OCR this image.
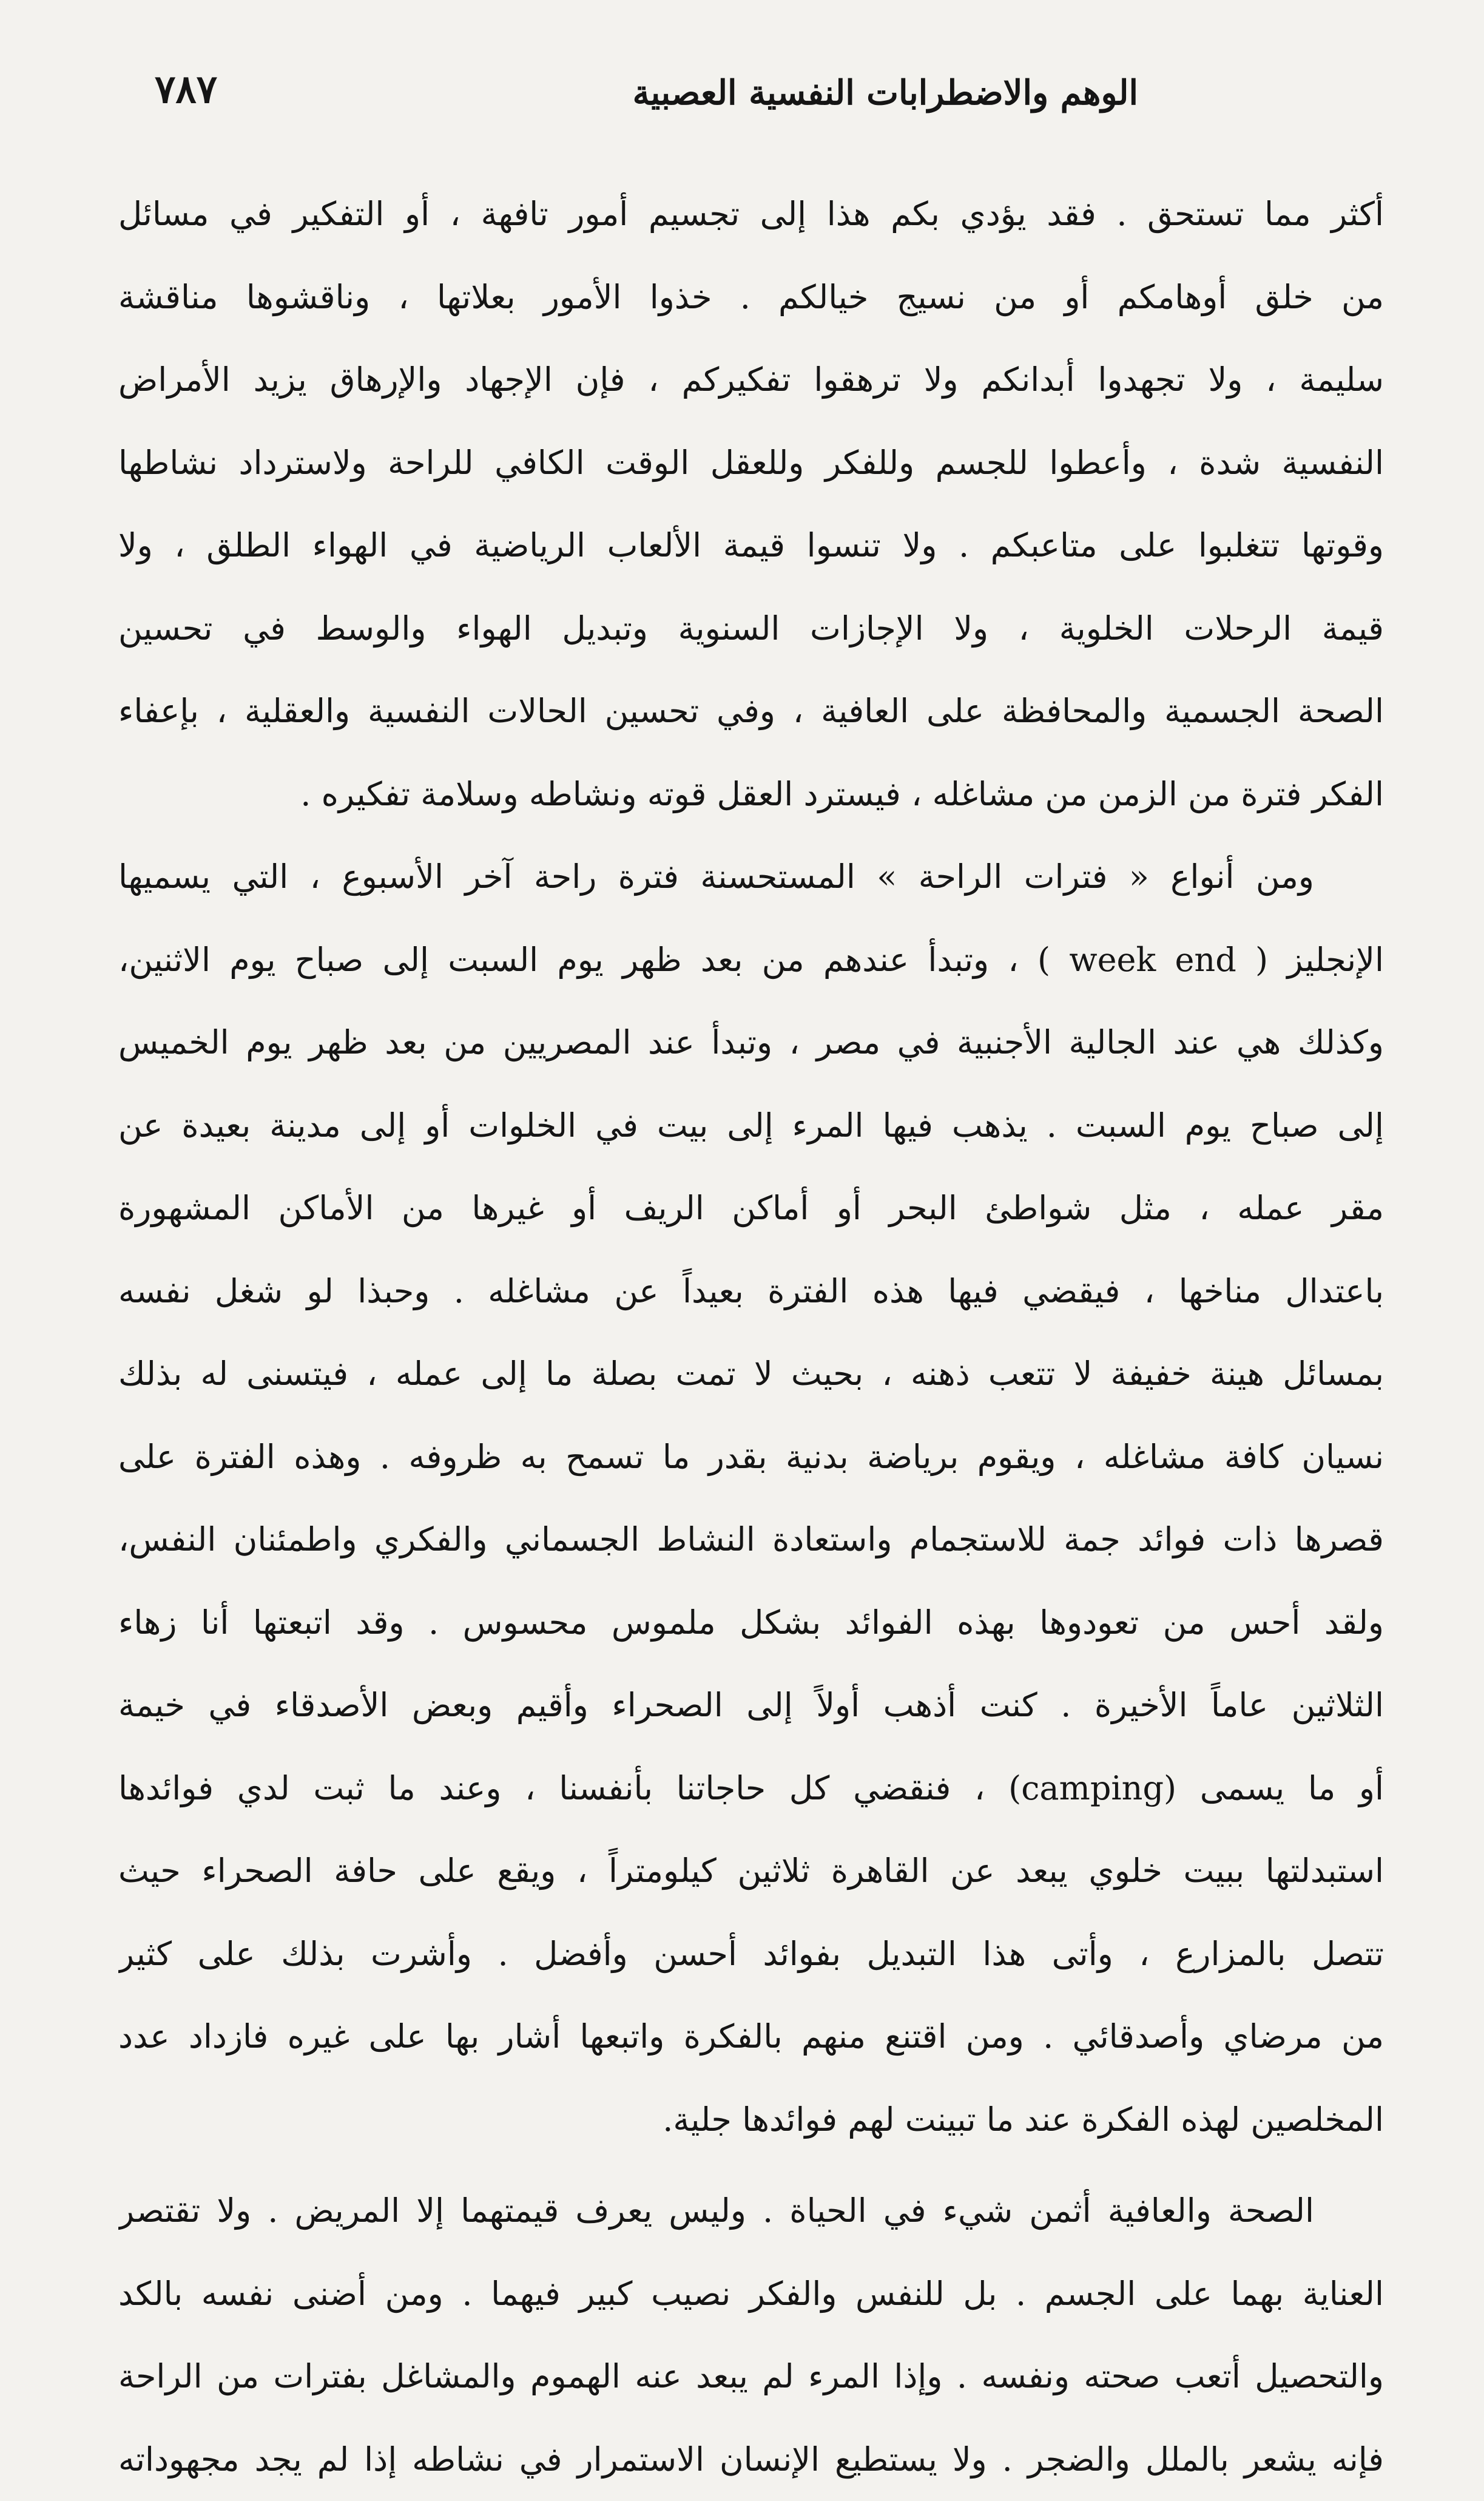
الوهم والاضطرابات النفسية العصبية
٧٨٧
أكثر مما تستحق . فقد يؤدي بكم هذا إلى تجسيم أمور تافهة ، أو التفكير في مسائل
من خلق أوهامكم أو من نسيج خيالكم . خذوا الأمور بعلاتها ، وناقشوها مناقشة
سليمة ، ولا تجهدوا أبدانكم ولا ترهقوا تفكيركم ، فإن الإجهاد والإرهاق يزيد الأمراض
النفسية شدة ، وأعطوا للجسم وللفكر وللعقل الوقت الكافي للراحة ولاسترداد نشاطها
وقوتها تتغلبوا على متاعبكم . ولا تنسوا قيمة الألعاب الرياضية في الهواء الطلق ، ولا
قيمة الرحلات الخلوية ، ولا الإجازات السنوية وتبديل الهواء والوسط في تحسين
الصحة الجسمية والمحافظة على العافية ، وفي تحسين الحالات النفسية والعقلية ، بإعفاء
الفكر فترة من الزمن من مشاغله ، فيسترد العقل قوته ونشاطه وسلامة تفكيره .
ومن أنواع « فترات الراحة » المستحسنة فترة راحة آخر الأسبوع ، التي يسميها
الإنجليز ( week end ) ، وتبدأ عندهم من بعد ظهر يوم السبت إلى صباح يوم الاثنين،
وكذلك هي عند الجالية الأجنبية في مصر ، وتبدأ عند المصريين من بعد ظهر يوم الخميس
إلى صباح يوم السبت . يذهب فيها المرء إلى بيت في الخلوات أو إلى مدينة بعيدة عن
مقر عمله ، مثل شواطئ البحر أو أماكن الريف أو غيرها من الأماكن المشهورة
باعتدال مناخها ، فيقضي فيها هذه الفترة بعيداً عن مشاغله . وحبذا لو شغل نفسه
بمسائل هينة خفيفة لا تتعب ذهنه ، بحيث لا تمت بصلة ما إلى عمله ، فيتسنى له بذلك
نسيان كافة مشاغله ، ويقوم برياضة بدنية بقدر ما تسمح به ظروفه . وهذه الفترة على
قصرها ذات فوائد جمة للاستجمام واستعادة النشاط الجسماني والفكري واطمئنان النفس،
ولقد أحس من تعودوها بهذه الفوائد بشكل ملموس محسوس . وقد اتبعتها أنا زهاء
الثلاثين عاماً الأخيرة . كنت أذهب أولاً إلى الصحراء وأقيم وبعض الأصدقاء في خيمة
أو ما يسمى (camping) ، فنقضي كل حاجاتنا بأنفسنا ، وعند ما ثبت لدي فوائدها
استبدلتها ببيت خلوي يبعد عن القاهرة ثلاثين كيلومتراً ، ويقع على حافة الصحراء حيث
تتصل بالمزارع ، وأتى هذا التبديل بفوائد أحسن وأفضل . وأشرت بذلك على كثير
من مرضاي وأصدقائي . ومن اقتنع منهم بالفكرة واتبعها أشار بها على غيره فازداد عدد
المخلصين لهذه الفكرة عند ما تبينت لهم فوائدها جلية.
الصحة والعافية أثمن شيء في الحياة . وليس يعرف قيمتهما إلا المريض . ولا تقتصر
العناية بهما على الجسم . بل للنفس والفكر نصيب كبير فيهما . ومن أضنى نفسه بالكد
والتحصيل أتعب صحته ونفسه . وإذا المرء لم يبعد عنه الهموم والمشاغل بفترات من الراحة
فإنه يشعر بالملل والضجر . ولا يستطيع الإنسان الاستمرار في نشاطه إذا لم يجد مجهوداته
